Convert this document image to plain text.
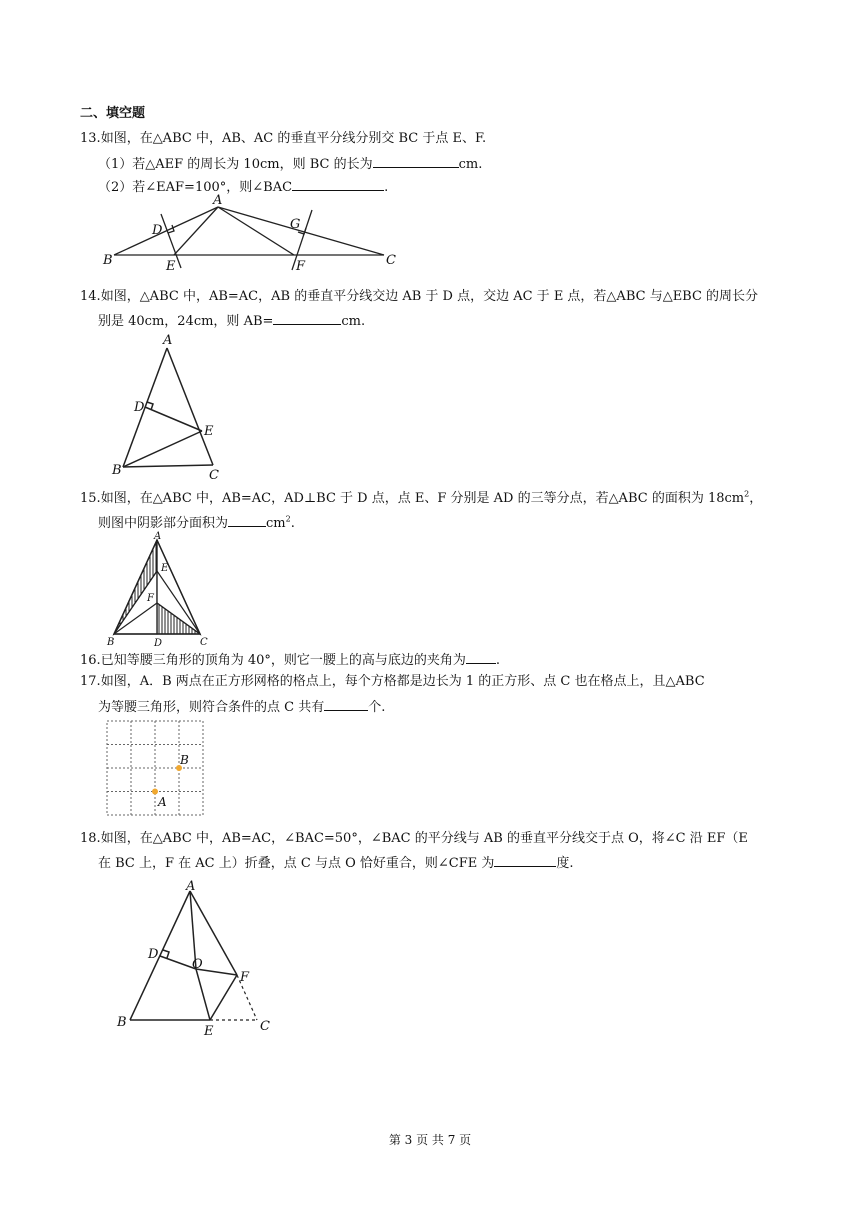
二、填空题
13.如图，在△ABC 中，AB、AC 的垂直平分线分别交 BC 于点 E、F.
（1）若△AEF 的周长为 10cm，则 BC 的长为	cm.
（2）若∠EAF=100°，则∠BAC	.
A
B	C
D
E	F
G
14.如图，△ABC 中，AB=AC，AB 的垂直平分线交边 AB 于 D 点，交边 AC 于 E 点，若△ABC 与△EBC 的周长分
别是 40cm，24cm，则 AB=	cm.
A
B	C
D
E
15.如图，在△ABC 中，AB=AC，AD⊥BC 于 D 点，点 E、F 分别是 AD 的三等分点，若△ABC 的面积为 $18cm^2$，
则图中阴影部分面积为	$cm^2$.
A
B	C
D
E
F
16.已知等腰三角形的顶角为 40°，则它一腰上的高与底边的夹角为 .
17.如图，A．B 两点在正方形网格的格点上，每个方格都是边长为 1 的正方形、点 C 也在格点上，且△ABC
为等腰三角形，则符合条件的点 C 共有	个.
B
A
18.如图，在△ABC 中，AB=AC，∠BAC=50°，∠BAC 的平分线与 AB 的垂直平分线交于点 O，将∠C 沿 EF（E
在 BC 上，F 在 AC 上）折叠，点 C 与点 O 恰好重合，则∠CFE 为	度.
A
B	C
D
E
F
O
第 3 页 共 7 页
